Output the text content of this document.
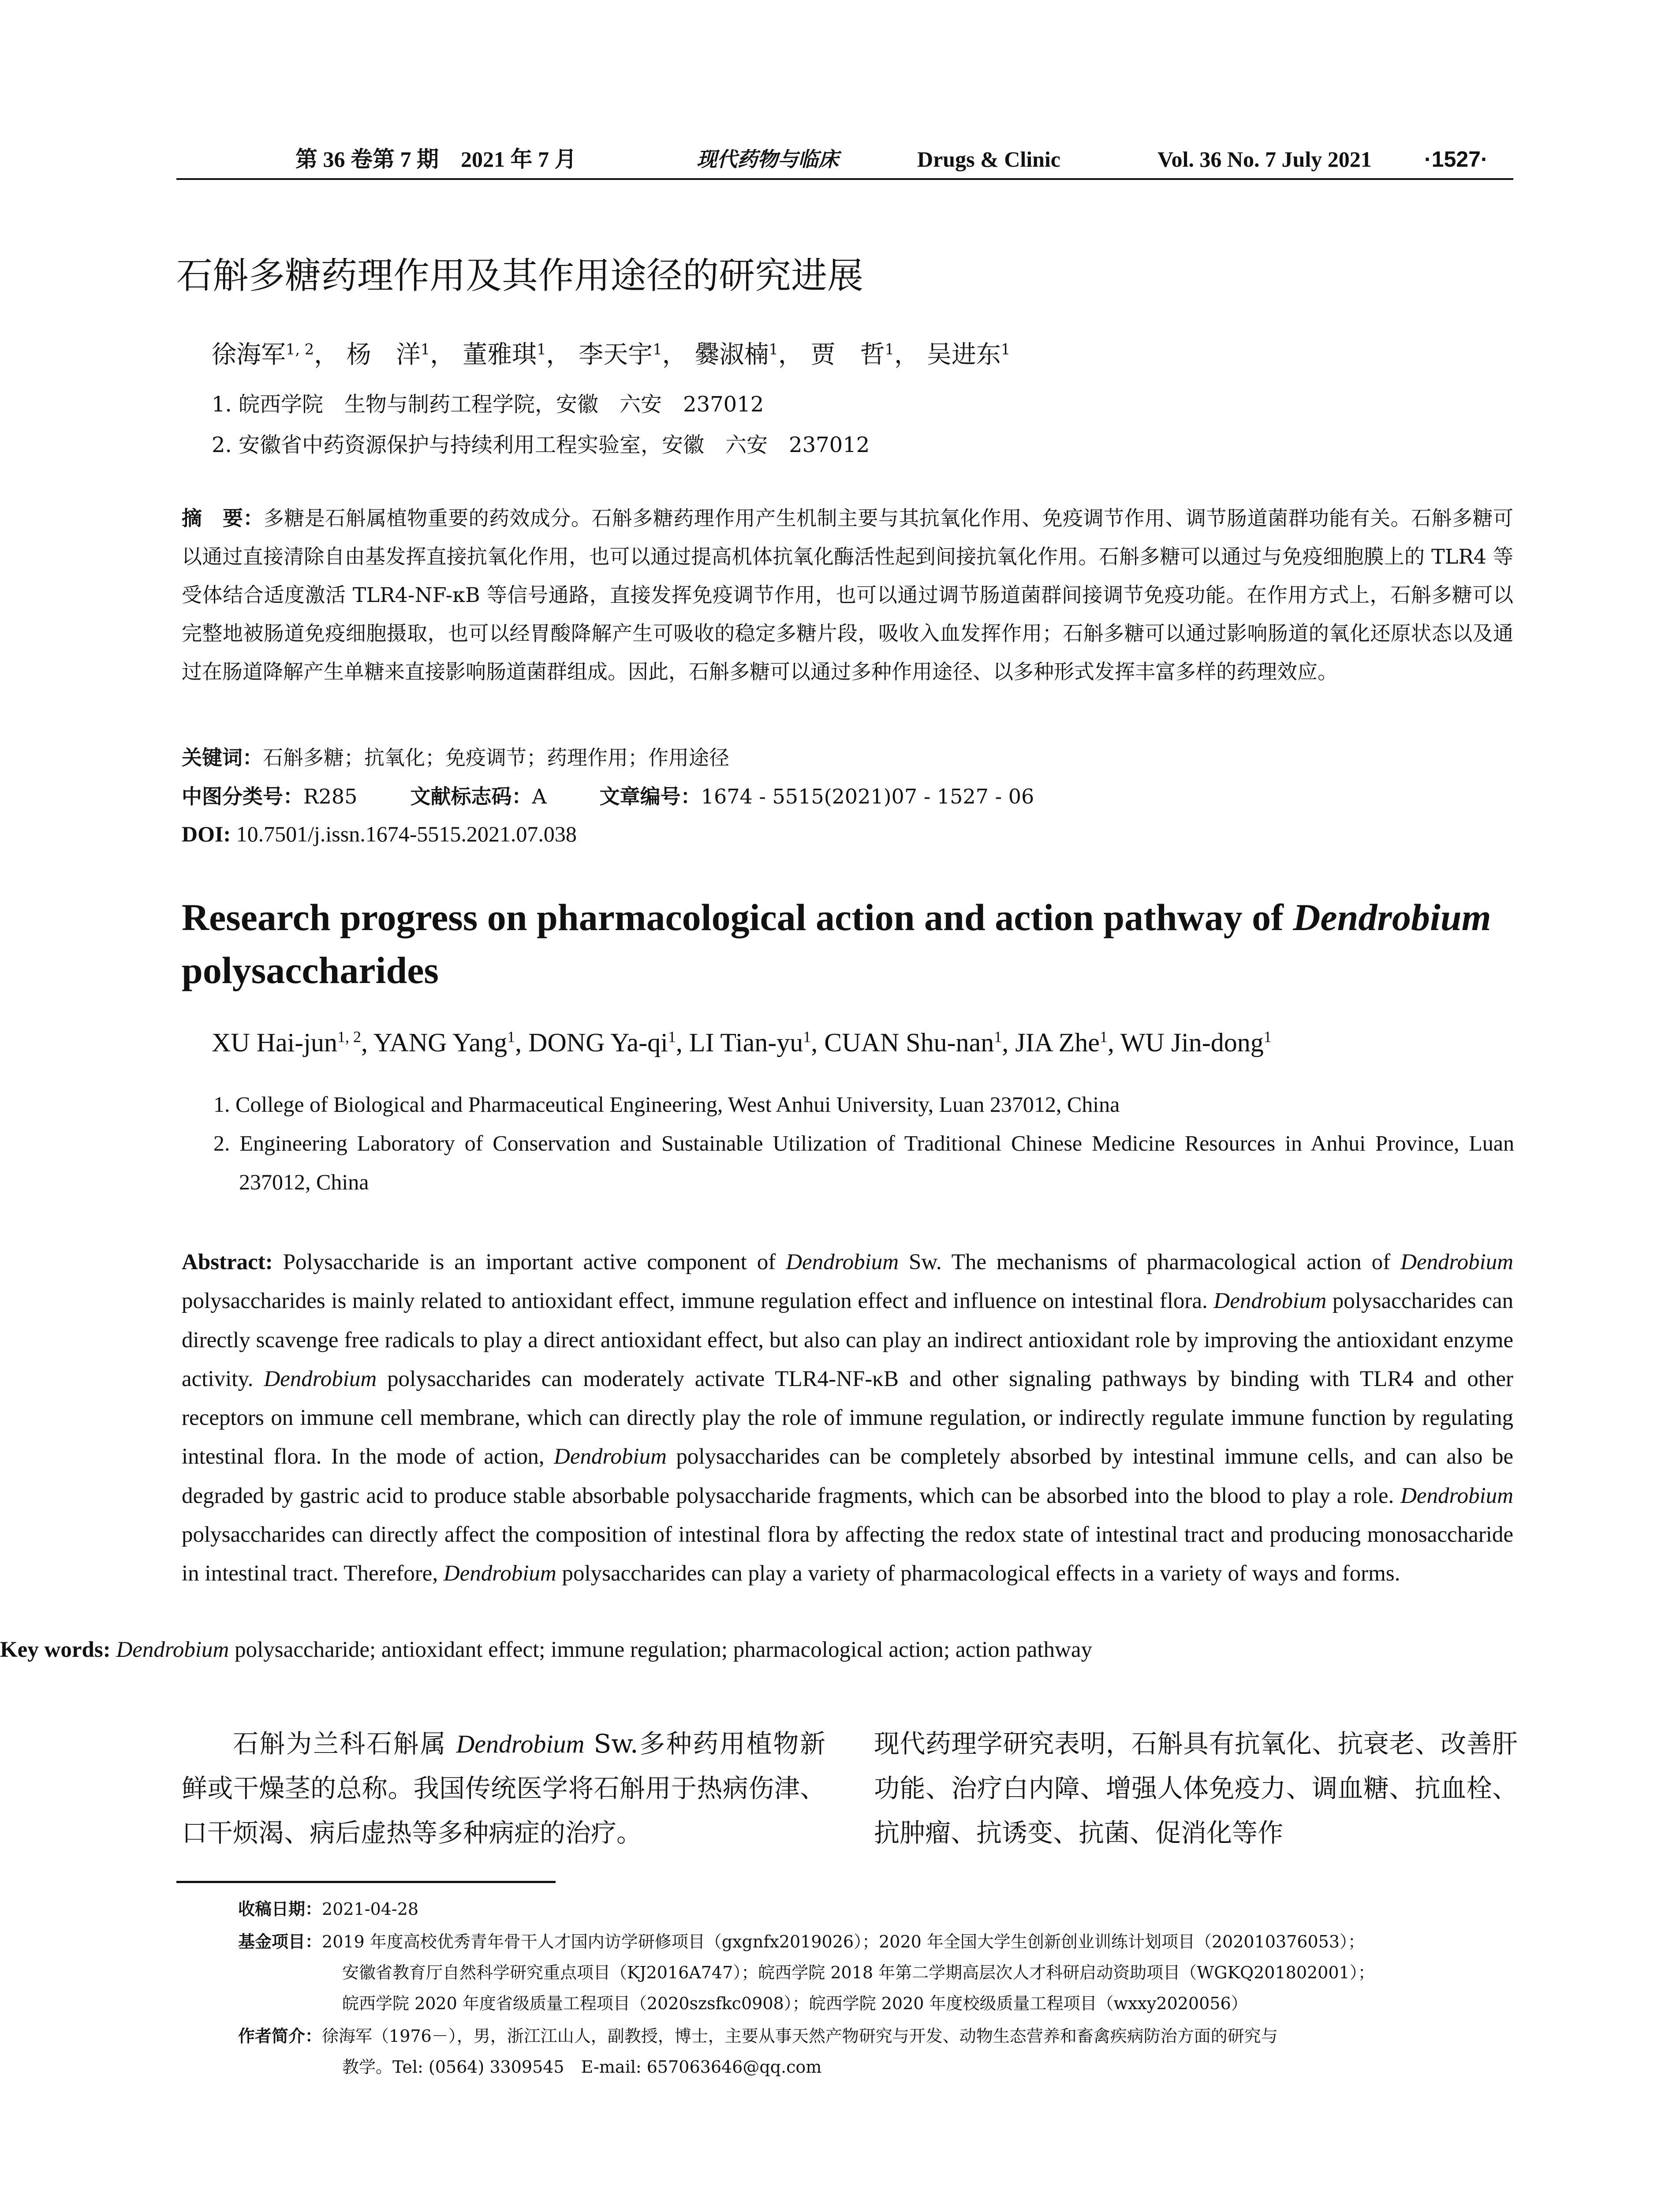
第 36 卷第 7 期　2021 年 7 月	现代药物与临床	Drugs & Clinic	Vol. 36 No. 7 July 2021 ·1527·
石斛多糖药理作用及其作用途径的研究进展
徐海军$^{1, 2}$， 杨　洋$^1$， 董雅琪$^1$， 李天宇$^1$， 爨淑楠$^1$， 贾　哲$^1$， 吴进东$^1$
1. 皖西学院　生物与制药工程学院，安徽　六安　237012
2. 安徽省中药资源保护与持续利用工程实验室，安徽　六安　237012

摘　要：多糖是石斛属植物重要的药效成分。石斛多糖药理作用产生机制主要与其抗氧化作用、免疫调节作用、调节肠道菌群功能有关。石斛多糖可以通过直接清除自由基发挥直接抗氧化作用，也可以通过提高机体抗氧化酶活性起到间接抗氧化作用。石斛多糖可以通过与免疫细胞膜上的 TLR4 等受体结合适度激活 TLR4-NF-κB 等信号通路，直接发挥免疫调节作用，也可以通过调节肠道菌群间接调节免疫功能。在作用方式上，石斛多糖可以完整地被肠道免疫细胞摄取，也可以经胃酸降解产生可吸收的稳定多糖片段，吸收入血发挥作用；石斛多糖可以通过影响肠道的氧化还原状态以及通过在肠道降解产生单糖来直接影响肠道菌群组成。因此，石斛多糖可以通过多种作用途径、以多种形式发挥丰富多样的药理效应。

关键词：石斛多糖；抗氧化；免疫调节；药理作用；作用途径
中图分类号：R285	文献标志码：A	文章编号：1674 - 5515(2021)07 - 1527 - 06
DOI: 10.7501/j.issn.1674-5515.2021.07.038
Research progress on pharmacological action and action pathway of Dendrobium polysaccharides
XU Hai-jun$^{1, 2}$, YANG Yang$^1$, DONG $Ya-qi^1$, LI Tian-$yu^1$, CUAN Shu-nan$^1$, JIA Zhe$^1$, WU Jin-dong$^1$

1. College of Biological and Pharmaceutical Engineering, West Anhui University, Luan 237012, China

2. Engineering Laboratory of Conservation and Sustainable Utilization of Traditional Chinese Medicine Resources in Anhui Province, Luan 237012, China

Abstract: Polysaccharide is an important active component of Dendrobium Sw. The mechanisms of pharmacological action of Dendrobium polysaccharides is mainly related to antioxidant effect, immune regulation effect and influence on intestinal flora. Dendrobium polysaccharides can directly scavenge free radicals to play a direct antioxidant effect, but also can play an indirect antioxidant role by improving the antioxidant enzyme activity. Dendrobium polysaccharides can moderately activate TLR4-NF-κB and other signaling pathways by binding with TLR4 and other receptors on immune cell membrane, which can directly play the role of immune regulation, or indirectly regulate immune function by regulating intestinal flora. In the mode of action, Dendrobium polysaccharides can be completely absorbed by intestinal immune cells, and can also be degraded by gastric acid to produce stable absorbable polysaccharide fragments, which can be absorbed into the blood to play a role. Dendrobium polysaccharides can directly affect the composition of intestinal flora by affecting the redox state of intestinal tract and producing monosaccharide in intestinal tract. Therefore, Dendrobium polysaccharides can play a variety of pharmacological effects in a variety of ways and forms.

Key words: Dendrobium polysaccharide; antioxidant effect; immune regulation; pharmacological action; action pathway

石斛为兰科石斛属 Dendrobium Sw.多种药用植物新鲜或干燥茎的总称。我国传统医学将石斛用于热病伤津、口干烦渴、病后虚热等多种病症的治疗。

现代药理学研究表明，石斛具有抗氧化、抗衰老、改善肝功能、治疗白内障、增强人体免疫力、调血糖、抗血栓、抗肿瘤、抗诱变、抗菌、促消化等作

收稿日期：2021-04-28
基金项目：2019 年度高校优秀青年骨干人才国内访学研修项目（gxgnfx2019026）；2020 年全国大学生创新创业训练计划项目（202010376053）；
安徽省教育厅自然科学研究重点项目（KJ2016A747）；皖西学院 2018 年第二学期高层次人才科研启动资助项目（WGKQ201802001）；
皖西学院 2020 年度省级质量工程项目（2020szsfkc0908）；皖西学院 2020 年度校级质量工程项目（wxxy2020056）
作者简介：徐海军（1976－），男，浙江江山人，副教授，博士，主要从事天然产物研究与开发、动物生态营养和畜禽疾病防治方面的研究与
教学。Tel: (0564) 3309545　E-mail: 657063646@qq.com
